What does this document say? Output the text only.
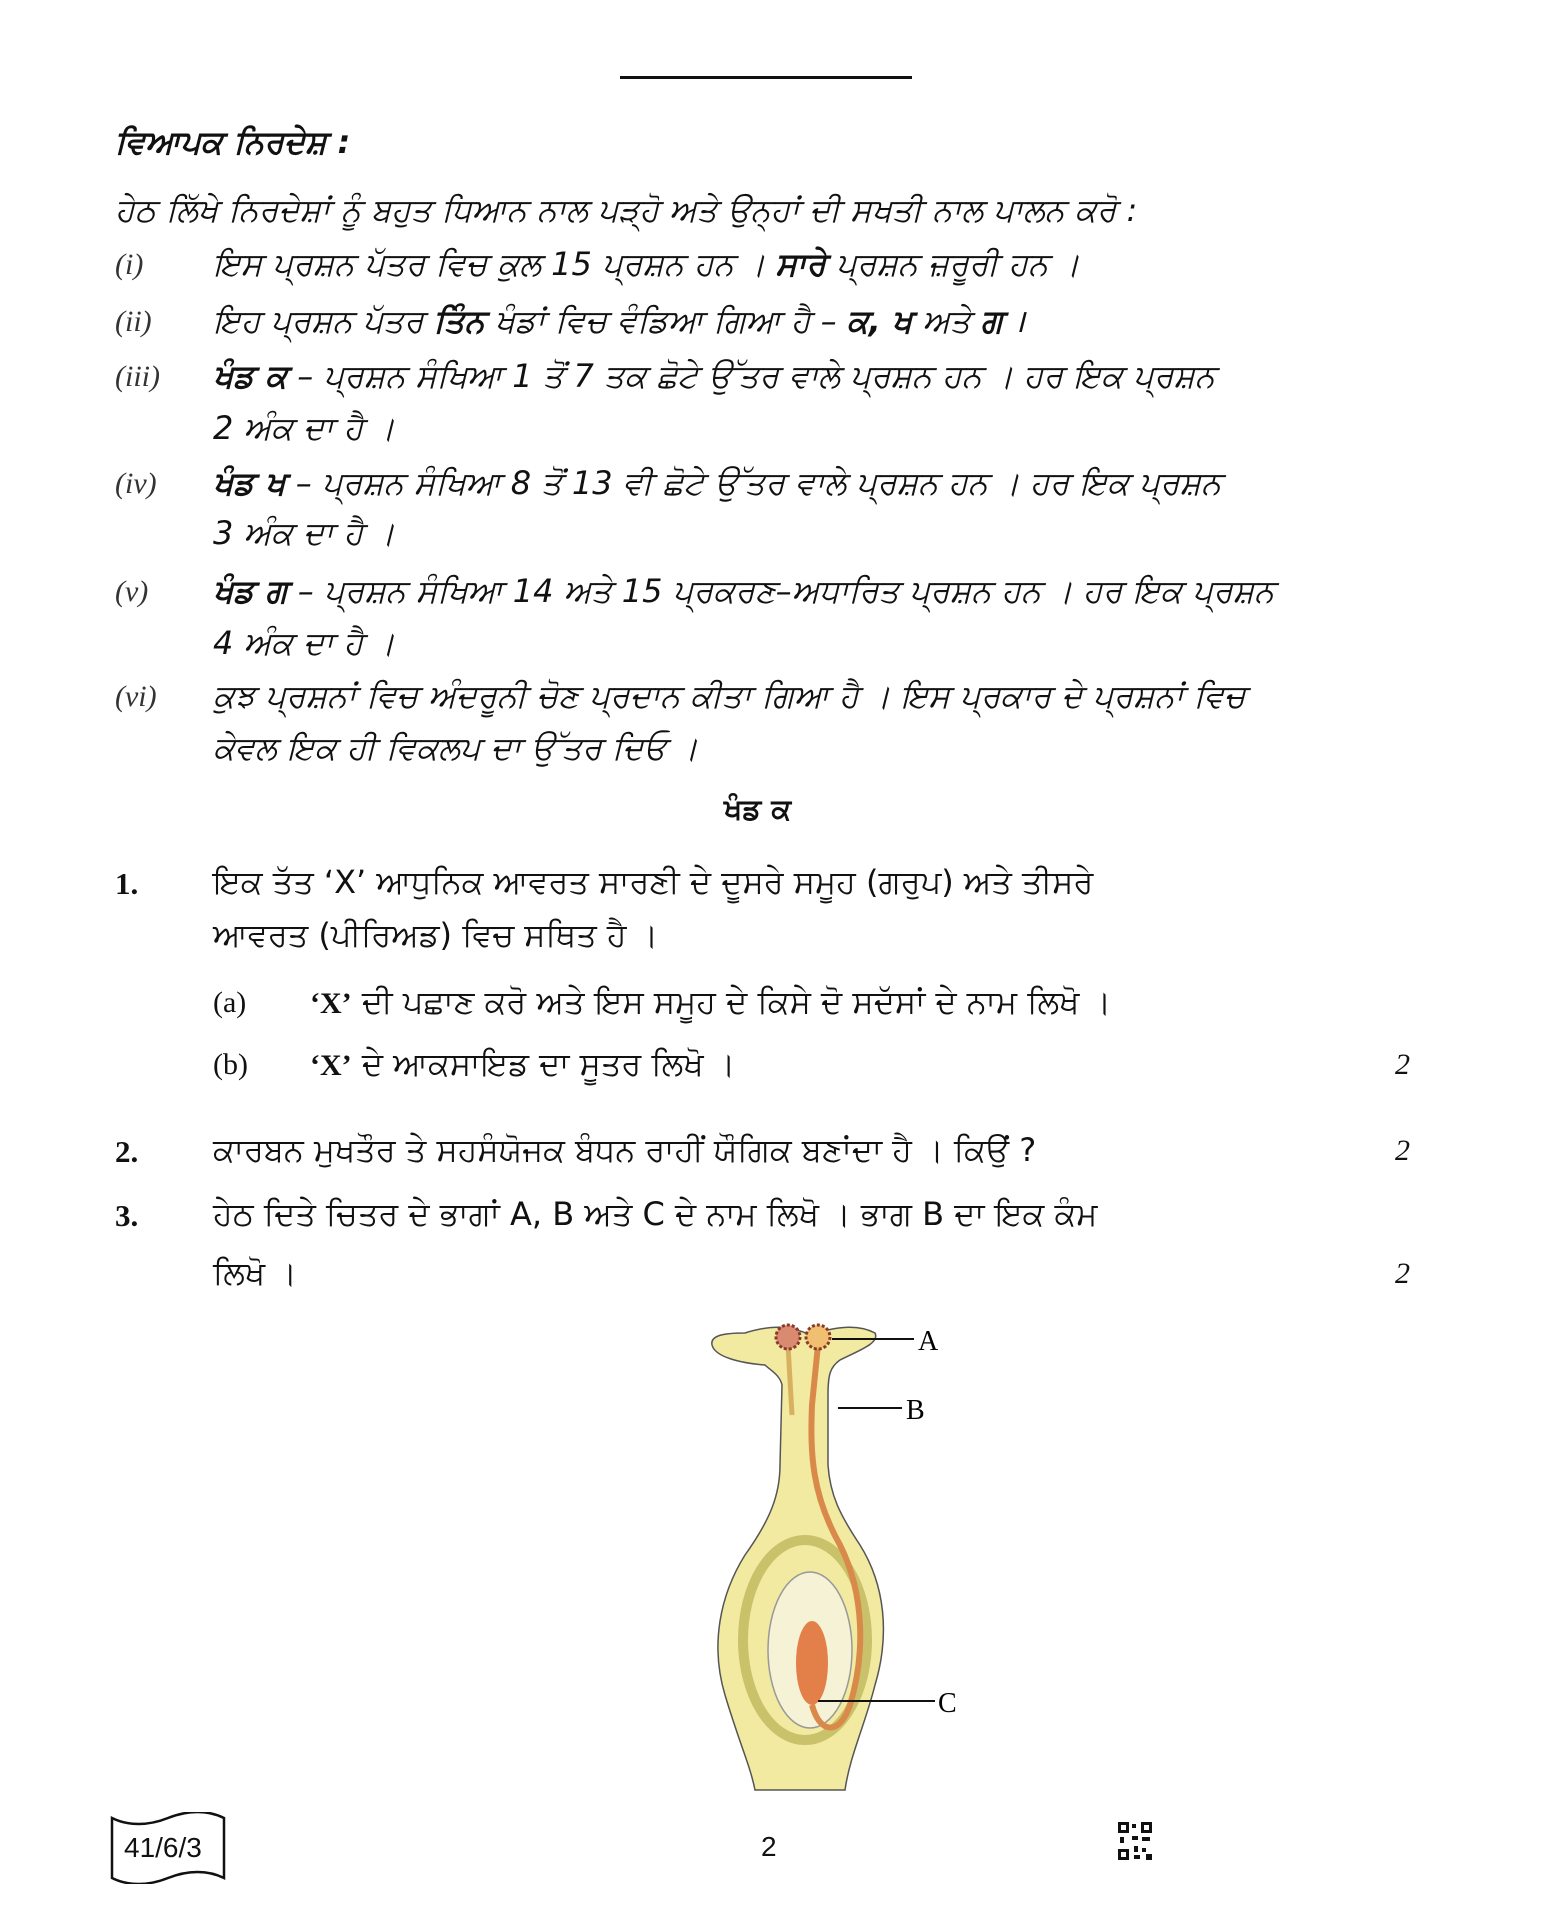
ਵਿਆਪਕ ਨਿਰਦੇਸ਼ :
ਹੇਠ ਲਿੱਖੇ ਨਿਰਦੇਸ਼ਾਂ ਨੂੰ ਬਹੁਤ ਧਿਆਨ ਨਾਲ ਪੜ੍ਹੋ ਅਤੇ ਉਨ੍ਹਾਂ ਦੀ ਸਖਤੀ ਨਾਲ ਪਾਲਨ ਕਰੋ :
(i) ਇਸ ਪ੍ਰਸ਼ਨ ਪੱਤਰ ਵਿਚ ਕੁਲ 15 ਪ੍ਰਸ਼ਨ ਹਨ । ਸਾਰੇ ਪ੍ਰਸ਼ਨ ਜ਼ਰੂਰੀ ਹਨ ।
(ii) ਇਹ ਪ੍ਰਸ਼ਨ ਪੱਤਰ ਤਿੰਨ ਖੰਡਾਂ ਵਿਚ ਵੰਡਿਆ ਗਿਆ ਹੈ – ਕ, ਖ ਅਤੇ ਗ ।
(iii) ਖੰਡ ਕ – ਪ੍ਰਸ਼ਨ ਸੰਖਿਆ 1 ਤੋਂ 7 ਤਕ ਛੋਟੇ ਉੱਤਰ ਵਾਲੇ ਪ੍ਰਸ਼ਨ ਹਨ । ਹਰ ਇਕ ਪ੍ਰਸ਼ਨ
2 ਅੰਕ ਦਾ ਹੈ ।
(iv) ਖੰਡ ਖ – ਪ੍ਰਸ਼ਨ ਸੰਖਿਆ 8 ਤੋਂ 13 ਵੀ ਛੋਟੇ ਉੱਤਰ ਵਾਲੇ ਪ੍ਰਸ਼ਨ ਹਨ । ਹਰ ਇਕ ਪ੍ਰਸ਼ਨ
3 ਅੰਕ ਦਾ ਹੈ ।
(v) ਖੰਡ ਗ – ਪ੍ਰਸ਼ਨ ਸੰਖਿਆ 14 ਅਤੇ 15 ਪ੍ਰਕਰਣ–ਅਧਾਰਿਤ ਪ੍ਰਸ਼ਨ ਹਨ । ਹਰ ਇਕ ਪ੍ਰਸ਼ਨ
4 ਅੰਕ ਦਾ ਹੈ ।
(vi) ਕੁਝ ਪ੍ਰਸ਼ਨਾਂ ਵਿਚ ਅੰਦਰੂਨੀ ਚੋਣ ਪ੍ਰਦਾਨ ਕੀਤਾ ਗਿਆ ਹੈ । ਇਸ ਪ੍ਰਕਾਰ ਦੇ ਪ੍ਰਸ਼ਨਾਂ ਵਿਚ
ਕੇਵਲ ਇਕ ਹੀ ਵਿਕਲਪ ਦਾ ਉੱਤਰ ਦਿਓ ।
ਖੰਡ ਕ
1. ਇਕ ਤੱਤ ‘X’ ਆਧੁਨਿਕ ਆਵਰਤ ਸਾਰਣੀ ਦੇ ਦੂਸਰੇ ਸਮੂਹ (ਗਰੁਪ) ਅਤੇ ਤੀਸਰੇ
ਆਵਰਤ (ਪੀਰਿਅਡ) ਵਿਚ ਸਥਿਤ ਹੈ ।
(a) ‘X’ ਦੀ ਪਛਾਣ ਕਰੋ ਅਤੇ ਇਸ ਸਮੂਹ ਦੇ ਕਿਸੇ ਦੋ ਸਦੱਸਾਂ ਦੇ ਨਾਮ ਲਿਖੋ ।
(b) ‘X’ ਦੇ ਆਕਸਾਇਡ ਦਾ ਸੂਤਰ ਲਿਖੋ ।	2
2. ਕਾਰਬਨ ਮੁਖਤੌਰ ਤੇ ਸਹਸੰਯੋਜਕ ਬੰਧਨ ਰਾਹੀਂ ਯੌਗਿਕ ਬਣਾਂਦਾ ਹੈ । ਕਿਉਂ ?	2
3. ਹੇਠ ਦਿਤੇ ਚਿਤਰ ਦੇ ਭਾਗਾਂ A, B ਅਤੇ C ਦੇ ਨਾਮ ਲਿਖੋ । ਭਾਗ B ਦਾ ਇਕ ਕੰਮ
ਲਿਖੋ ।	2
A
B
C
41/6/3	2
